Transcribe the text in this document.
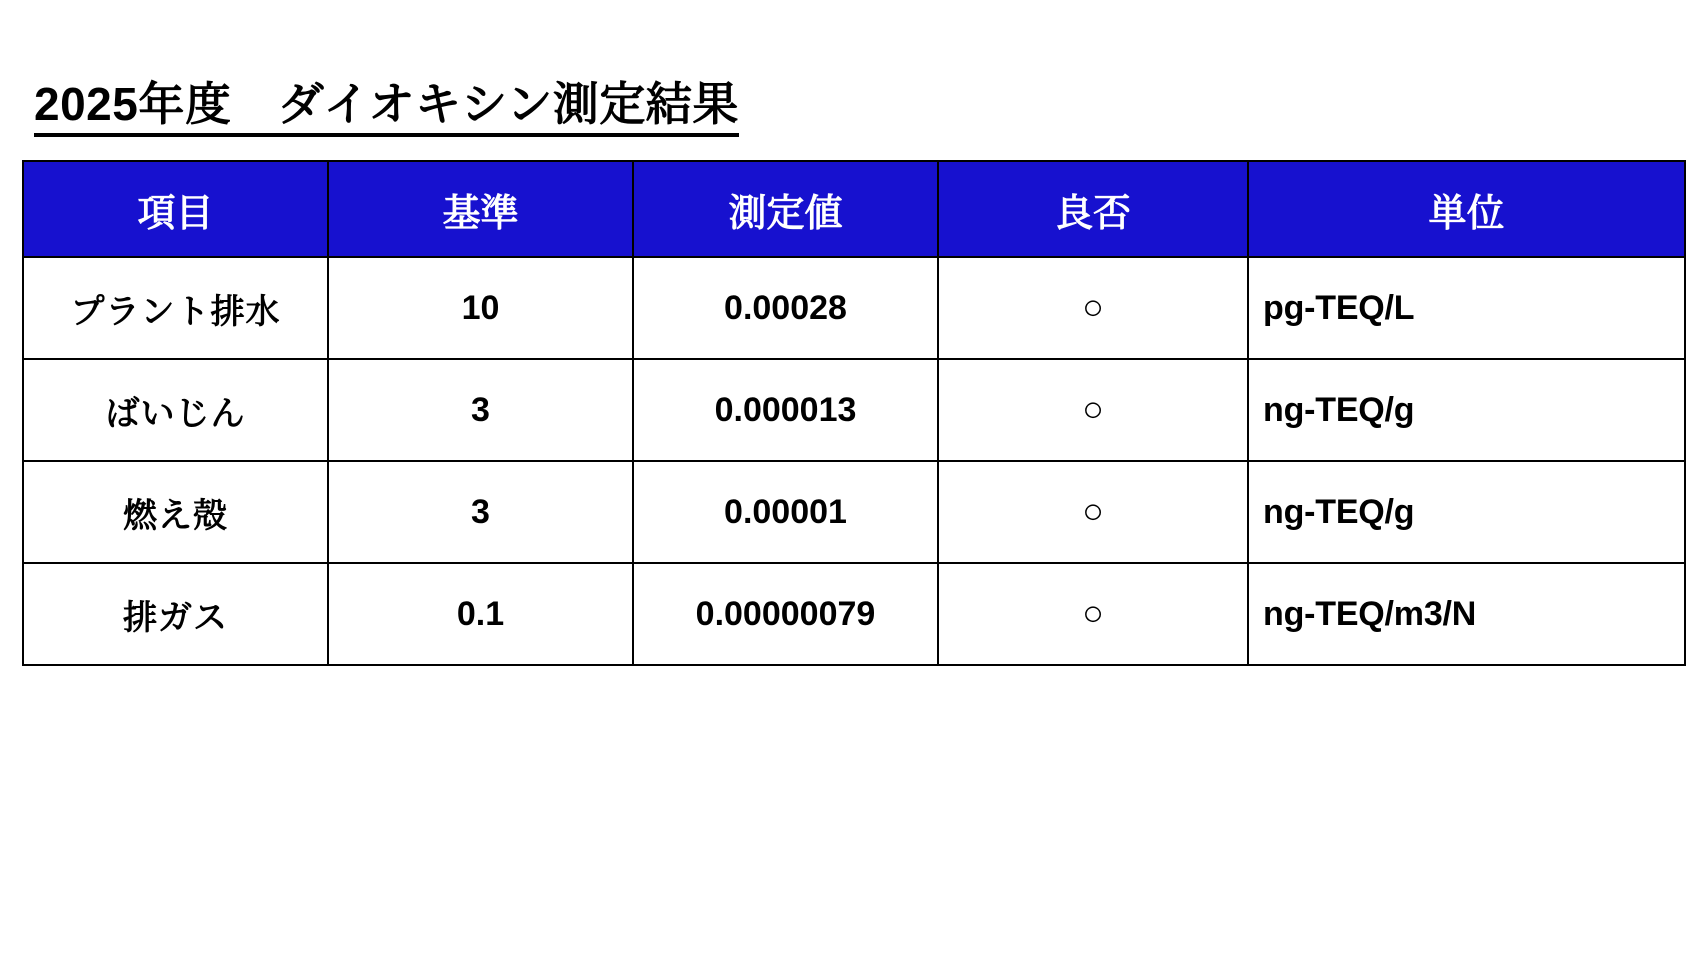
2025年度　ダイオキシン測定結果
項目	基準	測定値	良否	単位
プラント排水	10	0.00028	○	pg-TEQ/L
ばいじん	3	0.000013	○	ng-TEQ/g
燃え殻	3	0.00001	○	ng-TEQ/g
排ガス	0.1	0.00000079	○	ng-TEQ/m3/N
